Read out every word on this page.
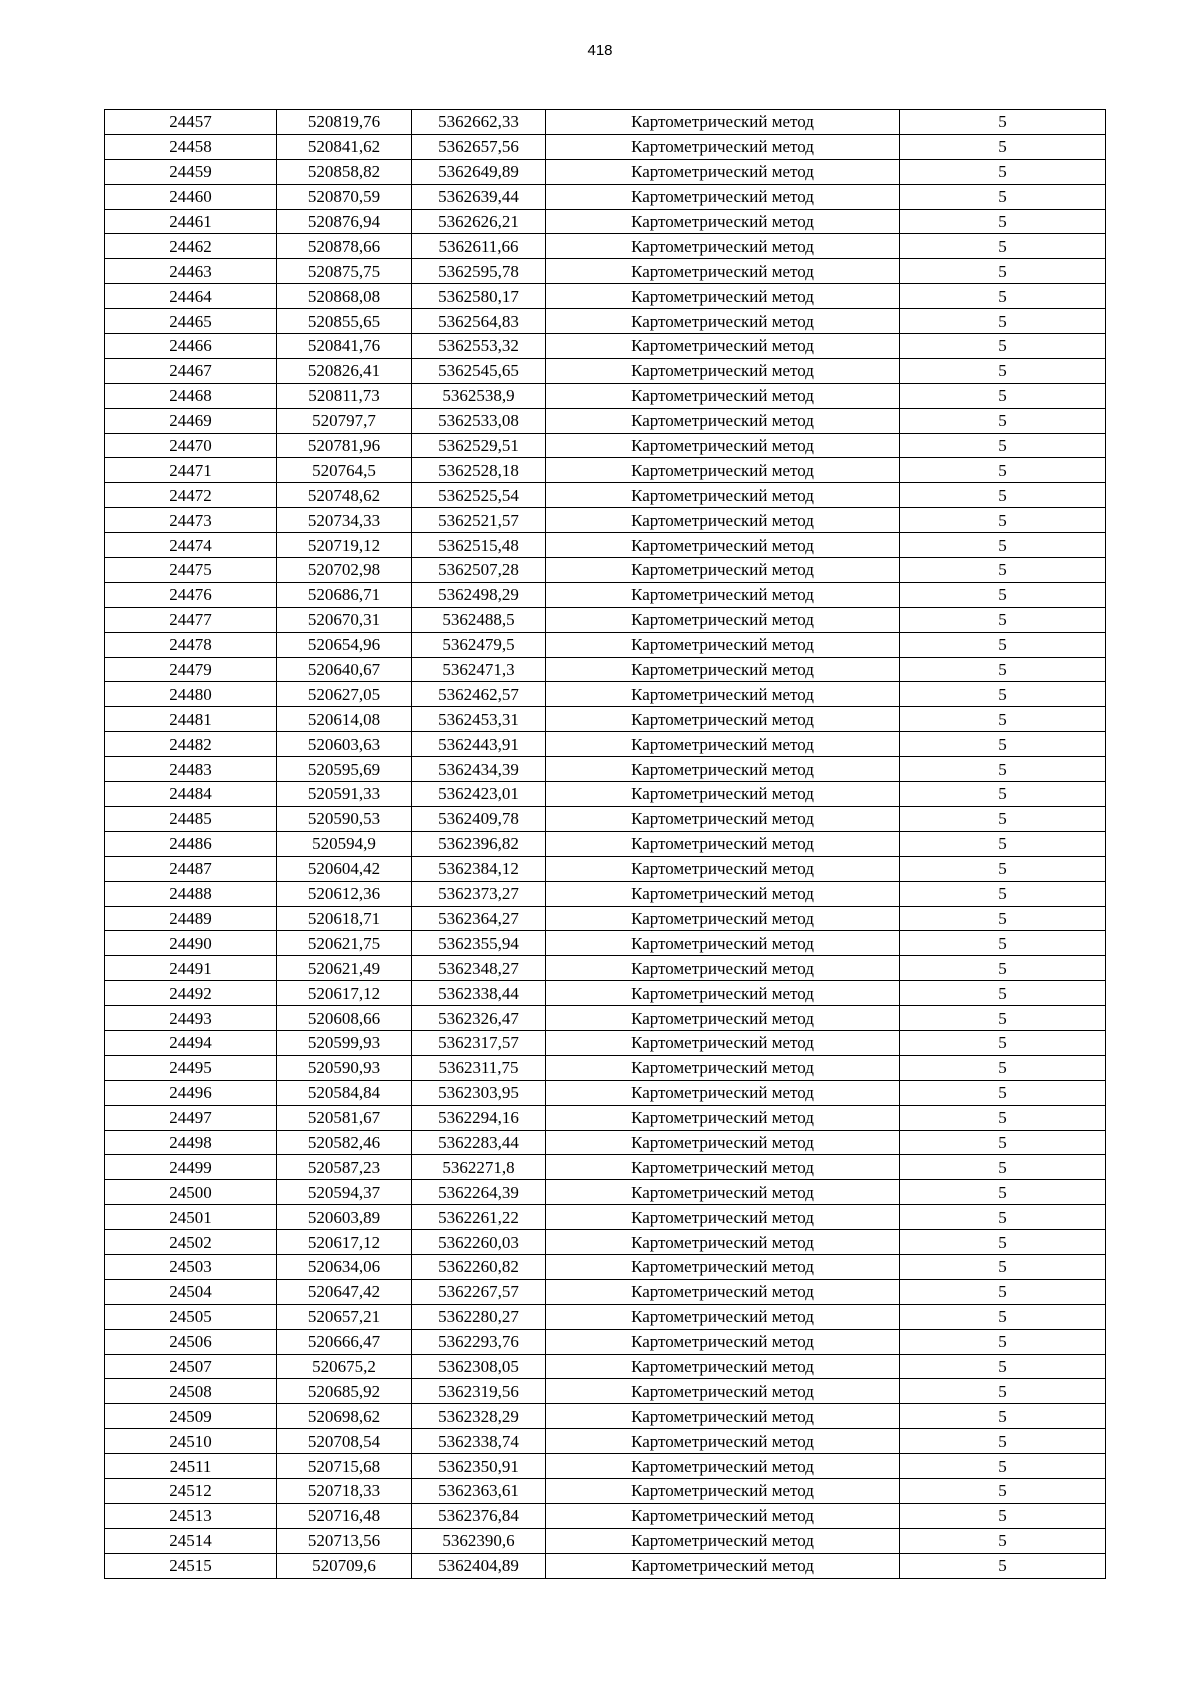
418
24457	520819,76	5362662,33	Картометрический метод	5
24458	520841,62	5362657,56	Картометрический метод	5
24459	520858,82	5362649,89	Картометрический метод	5
24460	520870,59	5362639,44	Картометрический метод	5
24461	520876,94	5362626,21	Картометрический метод	5
24462	520878,66	5362611,66	Картометрический метод	5
24463	520875,75	5362595,78	Картометрический метод	5
24464	520868,08	5362580,17	Картометрический метод	5
24465	520855,65	5362564,83	Картометрический метод	5
24466	520841,76	5362553,32	Картометрический метод	5
24467	520826,41	5362545,65	Картометрический метод	5
24468	520811,73	5362538,9	Картометрический метод	5
24469	520797,7	5362533,08	Картометрический метод	5
24470	520781,96	5362529,51	Картометрический метод	5
24471	520764,5	5362528,18	Картометрический метод	5
24472	520748,62	5362525,54	Картометрический метод	5
24473	520734,33	5362521,57	Картометрический метод	5
24474	520719,12	5362515,48	Картометрический метод	5
24475	520702,98	5362507,28	Картометрический метод	5
24476	520686,71	5362498,29	Картометрический метод	5
24477	520670,31	5362488,5	Картометрический метод	5
24478	520654,96	5362479,5	Картометрический метод	5
24479	520640,67	5362471,3	Картометрический метод	5
24480	520627,05	5362462,57	Картометрический метод	5
24481	520614,08	5362453,31	Картометрический метод	5
24482	520603,63	5362443,91	Картометрический метод	5
24483	520595,69	5362434,39	Картометрический метод	5
24484	520591,33	5362423,01	Картометрический метод	5
24485	520590,53	5362409,78	Картометрический метод	5
24486	520594,9	5362396,82	Картометрический метод	5
24487	520604,42	5362384,12	Картометрический метод	5
24488	520612,36	5362373,27	Картометрический метод	5
24489	520618,71	5362364,27	Картометрический метод	5
24490	520621,75	5362355,94	Картометрический метод	5
24491	520621,49	5362348,27	Картометрический метод	5
24492	520617,12	5362338,44	Картометрический метод	5
24493	520608,66	5362326,47	Картометрический метод	5
24494	520599,93	5362317,57	Картометрический метод	5
24495	520590,93	5362311,75	Картометрический метод	5
24496	520584,84	5362303,95	Картометрический метод	5
24497	520581,67	5362294,16	Картометрический метод	5
24498	520582,46	5362283,44	Картометрический метод	5
24499	520587,23	5362271,8	Картометрический метод	5
24500	520594,37	5362264,39	Картометрический метод	5
24501	520603,89	5362261,22	Картометрический метод	5
24502	520617,12	5362260,03	Картометрический метод	5
24503	520634,06	5362260,82	Картометрический метод	5
24504	520647,42	5362267,57	Картометрический метод	5
24505	520657,21	5362280,27	Картометрический метод	5
24506	520666,47	5362293,76	Картометрический метод	5
24507	520675,2	5362308,05	Картометрический метод	5
24508	520685,92	5362319,56	Картометрический метод	5
24509	520698,62	5362328,29	Картометрический метод	5
24510	520708,54	5362338,74	Картометрический метод	5
24511	520715,68	5362350,91	Картометрический метод	5
24512	520718,33	5362363,61	Картометрический метод	5
24513	520716,48	5362376,84	Картометрический метод	5
24514	520713,56	5362390,6	Картометрический метод	5
24515	520709,6	5362404,89	Картометрический метод	5
